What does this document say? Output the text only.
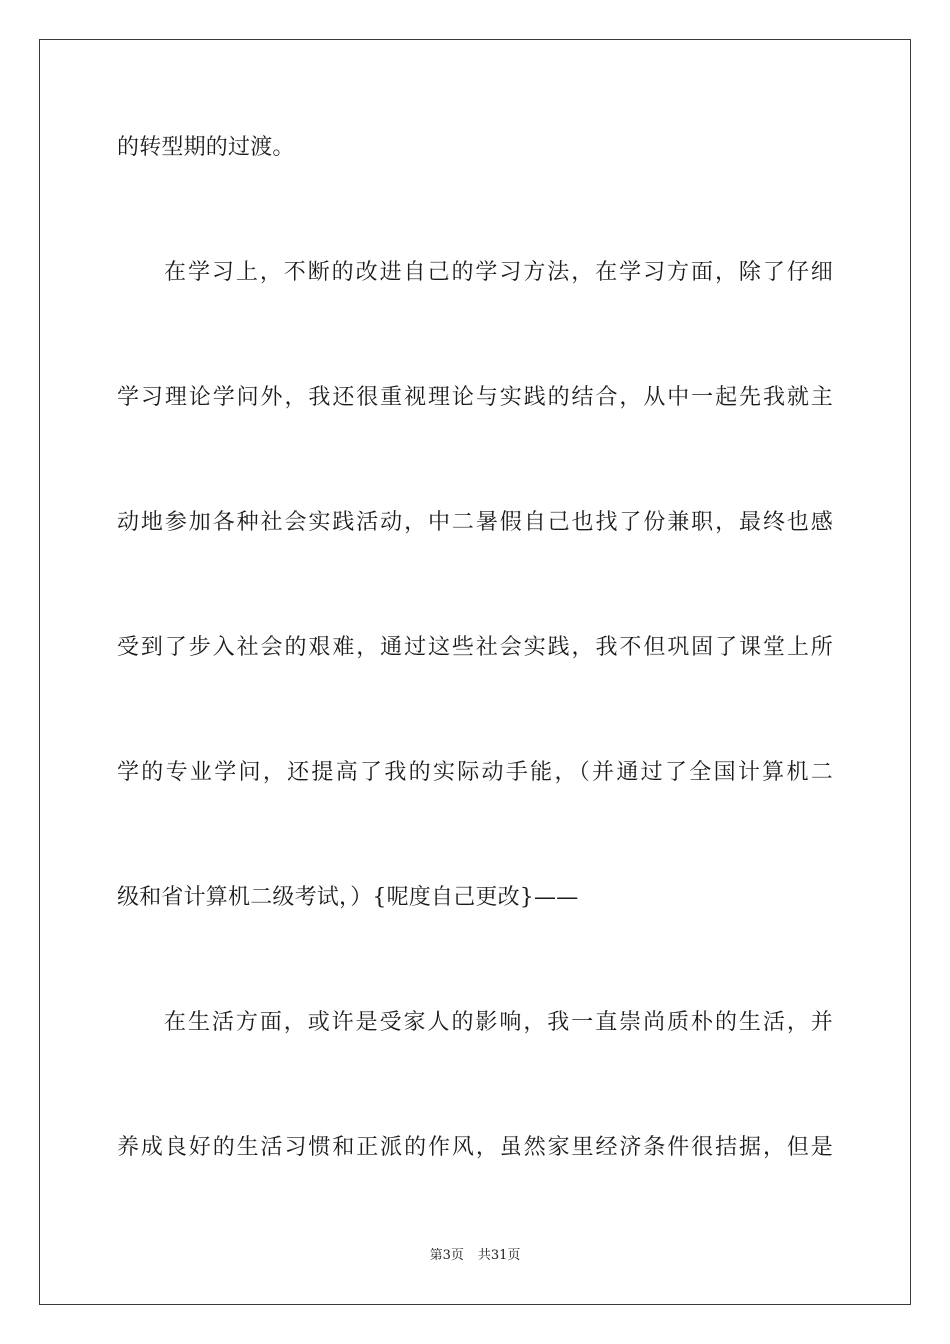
的转型期的过渡。
在学习上，不断的改进自己的学习方法，在学习方面，除了仔细
学习理论学问外，我还很重视理论与实践的结合，从中一起先我就主
动地参加各种社会实践活动，中二暑假自己也找了份兼职，最终也感
受到了步入社会的艰难，通过这些社会实践，我不但巩固了课堂上所
学的专业学问，还提高了我的实际动手能，（并通过了全国计算机二
级和省计算机二级考试，）{呢度自己更改}——
在生活方面，或许是受家人的影响，我一直崇尚质朴的生活，并
养成良好的生活习惯和正派的作风，虽然家里经济条件很拮据，但是
第3页 共31页
